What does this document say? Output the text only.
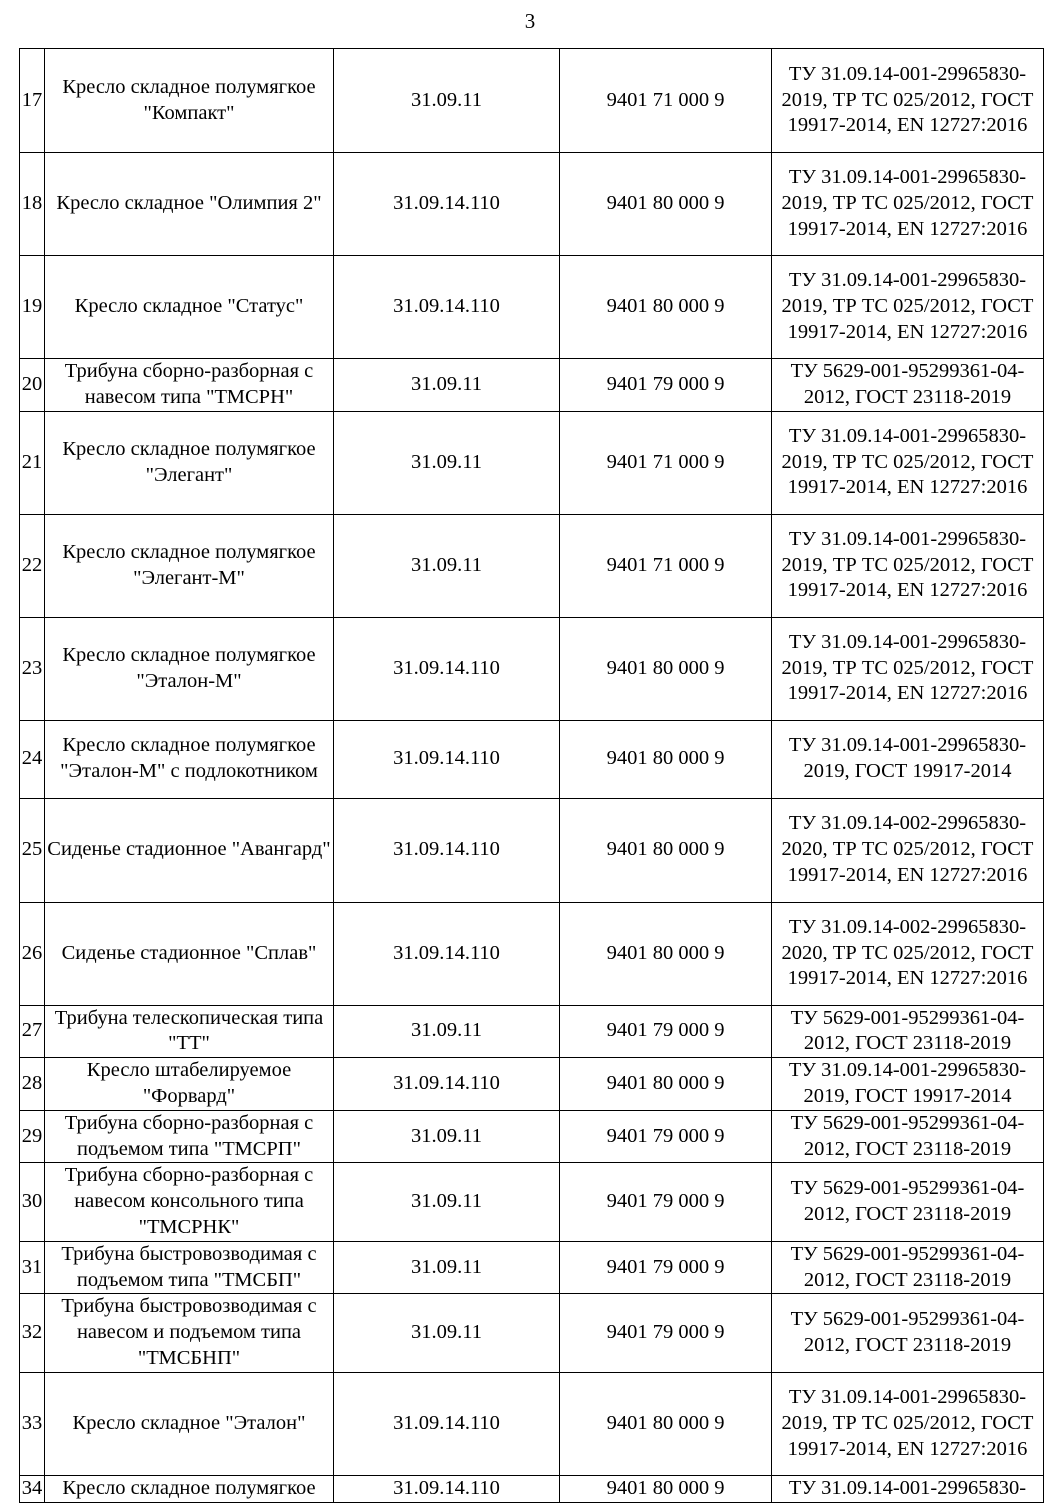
3
17	Кресло складное полумягкое "Компакт"	31.09.11	9401 71 000 9	ТУ 31.09.14-001-29965830-2019, ТР ТС 025/2012, ГОСТ 19917-2014, EN 12727:2016
18	Кресло складное "Олимпия 2"	31.09.14.110	9401 80 000 9	ТУ 31.09.14-001-29965830-2019, ТР ТС 025/2012, ГОСТ 19917-2014, EN 12727:2016
19	Кресло складное "Статус"	31.09.14.110	9401 80 000 9	ТУ 31.09.14-001-29965830-2019, ТР ТС 025/2012, ГОСТ 19917-2014, EN 12727:2016
20	Трибуна сборно-разборная с навесом типа "ТМСРН"	31.09.11	9401 79 000 9	ТУ 5629-001-95299361-04-2012, ГОСТ 23118-2019
21	Кресло складное полумягкое "Элегант"	31.09.11	9401 71 000 9	ТУ 31.09.14-001-29965830-2019, ТР ТС 025/2012, ГОСТ 19917-2014, EN 12727:2016
22	Кресло складное полумягкое "Элегант-М"	31.09.11	9401 71 000 9	ТУ 31.09.14-001-29965830-2019, ТР ТС 025/2012, ГОСТ 19917-2014, EN 12727:2016
23	Кресло складное полумягкое "Эталон-М"	31.09.14.110	9401 80 000 9	ТУ 31.09.14-001-29965830-2019, ТР ТС 025/2012, ГОСТ 19917-2014, EN 12727:2016
24	Кресло складное полумягкое "Эталон-М" с подлокотником	31.09.14.110	9401 80 000 9	ТУ 31.09.14-001-29965830-2019, ГОСТ 19917-2014
25	Сиденье стадионное "Авангард"	31.09.14.110	9401 80 000 9	ТУ 31.09.14-002-29965830-2020, ТР ТС 025/2012, ГОСТ 19917-2014, EN 12727:2016
26	Сиденье стадионное "Сплав"	31.09.14.110	9401 80 000 9	ТУ 31.09.14-002-29965830-2020, ТР ТС 025/2012, ГОСТ 19917-2014, EN 12727:2016
27	Трибуна телескопическая типа "ТТ"	31.09.11	9401 79 000 9	ТУ 5629-001-95299361-04-2012, ГОСТ 23118-2019
28	Кресло штабелируемое "Форвард"	31.09.14.110	9401 80 000 9	ТУ 31.09.14-001-29965830-2019, ГОСТ 19917-2014
29	Трибуна сборно-разборная с подъемом типа "ТМСРП"	31.09.11	9401 79 000 9	ТУ 5629-001-95299361-04-2012, ГОСТ 23118-2019
30	Трибуна сборно-разборная с навесом консольного типа "ТМСРНК"	31.09.11	9401 79 000 9	ТУ 5629-001-95299361-04-2012, ГОСТ 23118-2019
31	Трибуна быстровозводимая с подъемом типа "ТМСБП"	31.09.11	9401 79 000 9	ТУ 5629-001-95299361-04-2012, ГОСТ 23118-2019
32	Трибуна быстровозводимая с навесом и подъемом типа "ТМСБНП"	31.09.11	9401 79 000 9	ТУ 5629-001-95299361-04-2012, ГОСТ 23118-2019
33	Кресло складное "Эталон"	31.09.14.110	9401 80 000 9	ТУ 31.09.14-001-29965830-2019, ТР ТС 025/2012, ГОСТ 19917-2014, EN 12727:2016
34	Кресло складное полумягкое	31.09.14.110	9401 80 000 9	ТУ 31.09.14-001-29965830-
